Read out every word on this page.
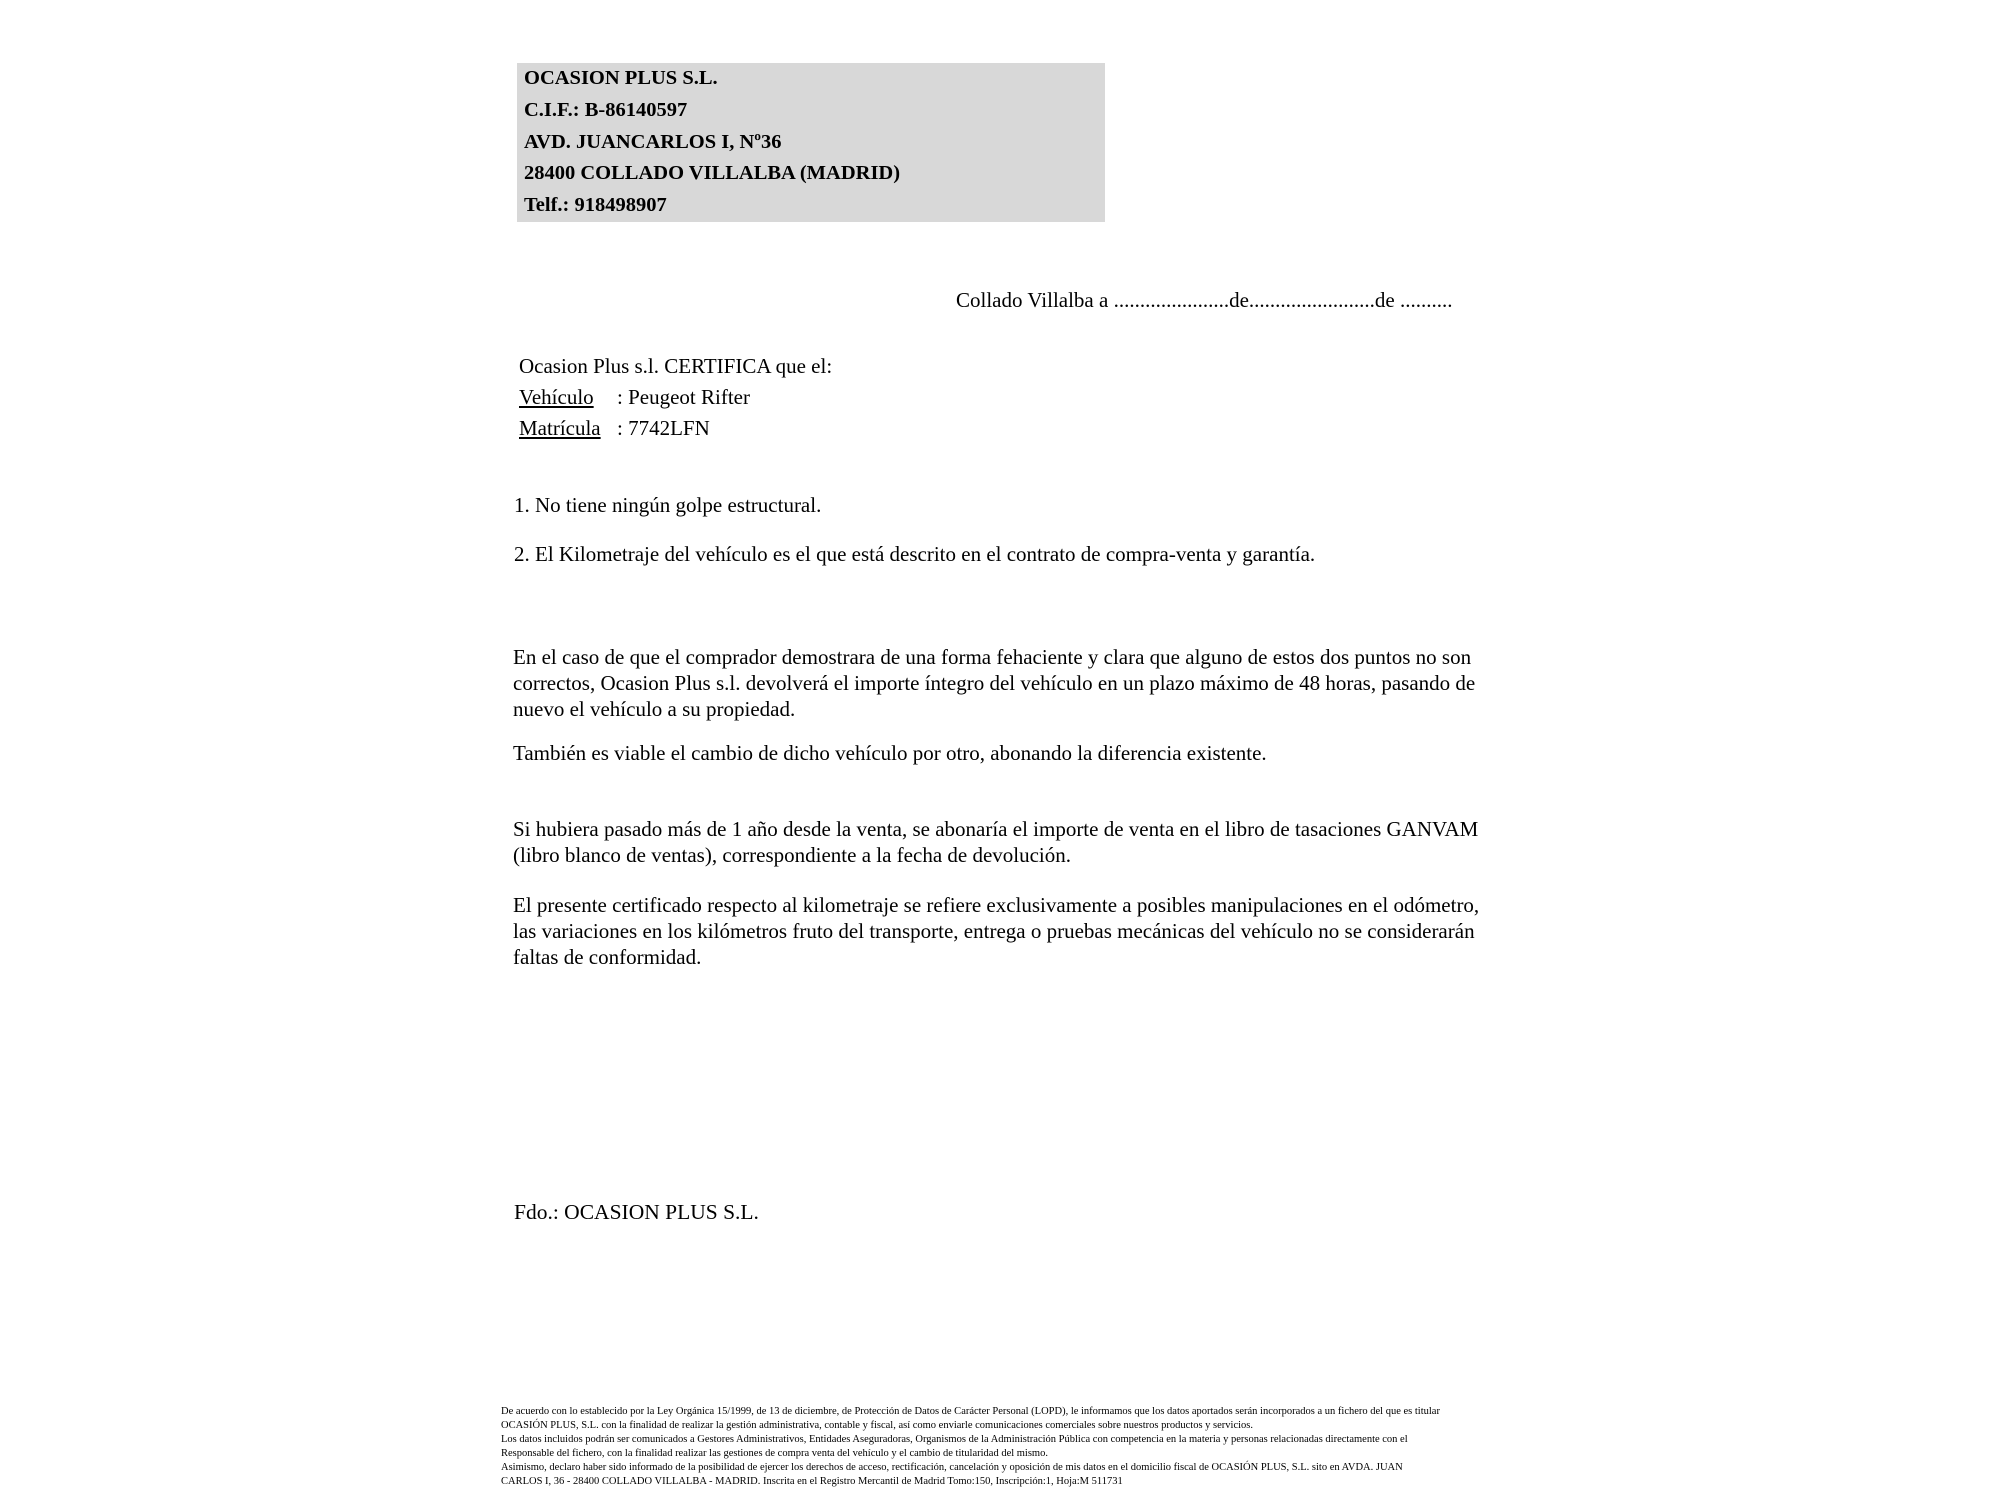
OCASION PLUS S.L.
C.I.F.: B-86140597
AVD. JUANCARLOS I, Nº36
28400 COLLADO VILLALBA (MADRID)
Telf.: 918498907
Collado Villalba a ......................de........................de ..........
Ocasion Plus s.l. CERTIFICA que el:
Vehículo : Peugeot Rifter
Matrícula : 7742LFN
1. No tiene ningún golpe estructural.
2. El Kilometraje del vehículo es el que está descrito en el contrato de compra-venta y garantía.
En el caso de que el comprador demostrara de una forma fehaciente y clara que alguno de estos dos puntos no son correctos, Ocasion Plus s.l. devolverá el importe íntegro del vehículo en un plazo máximo de 48 horas, pasando de nuevo el vehículo a su propiedad.
También es viable el cambio de dicho vehículo por otro, abonando la diferencia existente.
Si hubiera pasado más de 1 año desde la venta, se abonaría el importe de venta en el libro de tasaciones GANVAM (libro blanco de ventas), correspondiente a la fecha de devolución.
El presente certificado respecto al kilometraje se refiere exclusivamente a posibles manipulaciones en el odómetro, las variaciones en los kilómetros fruto del transporte, entrega o pruebas mecánicas del vehículo no se considerarán faltas de conformidad.
Fdo.: OCASION PLUS S.L.
De acuerdo con lo establecido por la Ley Orgánica 15/1999, de 13 de diciembre, de Protección de Datos de Carácter Personal (LOPD), le informamos que los datos aportados serán incorporados a un fichero del que es titular
OCASIÓN PLUS, S.L. con la finalidad de realizar la gestión administrativa, contable y fiscal, así como enviarle comunicaciones comerciales sobre nuestros productos y servicios.
Los datos incluidos podrán ser comunicados a Gestores Administrativos, Entidades Aseguradoras, Organismos de la Administración Pública con competencia en la materia y personas relacionadas directamente con el
Responsable del fichero, con la finalidad realizar las gestiones de compra venta del vehículo y el cambio de titularidad del mismo.
Asimismo, declaro haber sido informado de la posibilidad de ejercer los derechos de acceso, rectificación, cancelación y oposición de mis datos en el domicilio fiscal de OCASIÓN PLUS, S.L. sito en AVDA. JUAN
CARLOS I, 36 - 28400 COLLADO VILLALBA - MADRID. Inscrita en el Registro Mercantil de Madrid Tomo:150, Inscripción:1, Hoja:M 511731
